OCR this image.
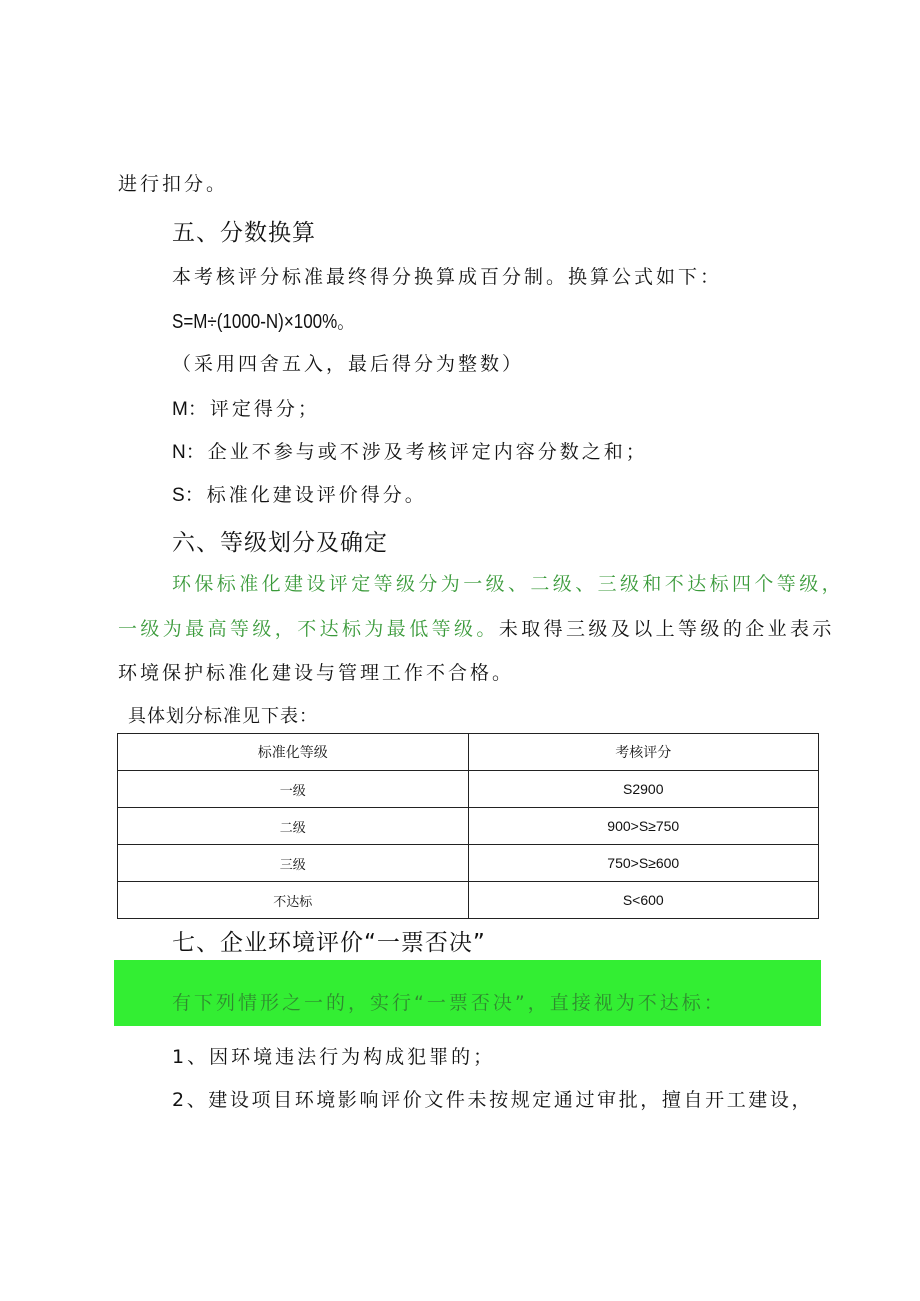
进行扣分。
五、分数换算
本考核评分标准最终得分换算成百分制。换算公式如下：
S=M÷(1000-N)×100%。
（采用四舍五入，最后得分为整数）
M：评定得分；
N：企业不参与或不涉及考核评定内容分数之和；
S：标准化建设评价得分。
六、等级划分及确定
环保标准化建设评定等级分为一级、二级、三级和不达标四个等级，
一级为最高等级，不达标为最低等级。未取得三级及以上等级的企业表示
环境保护标准化建设与管理工作不合格。
具体划分标准见下表：
标准化等级	考核评分
一级	S2900
二级	900>S≥750
三级	750>S≥600
不达标	S<600
七、企业环境评价“一票否决”
有下列情形之一的，实行“一票否决”，直接视为不达标：
1、因环境违法行为构成犯罪的；
2、建设项目环境影响评价文件未按规定通过审批，擅自开工建设，
